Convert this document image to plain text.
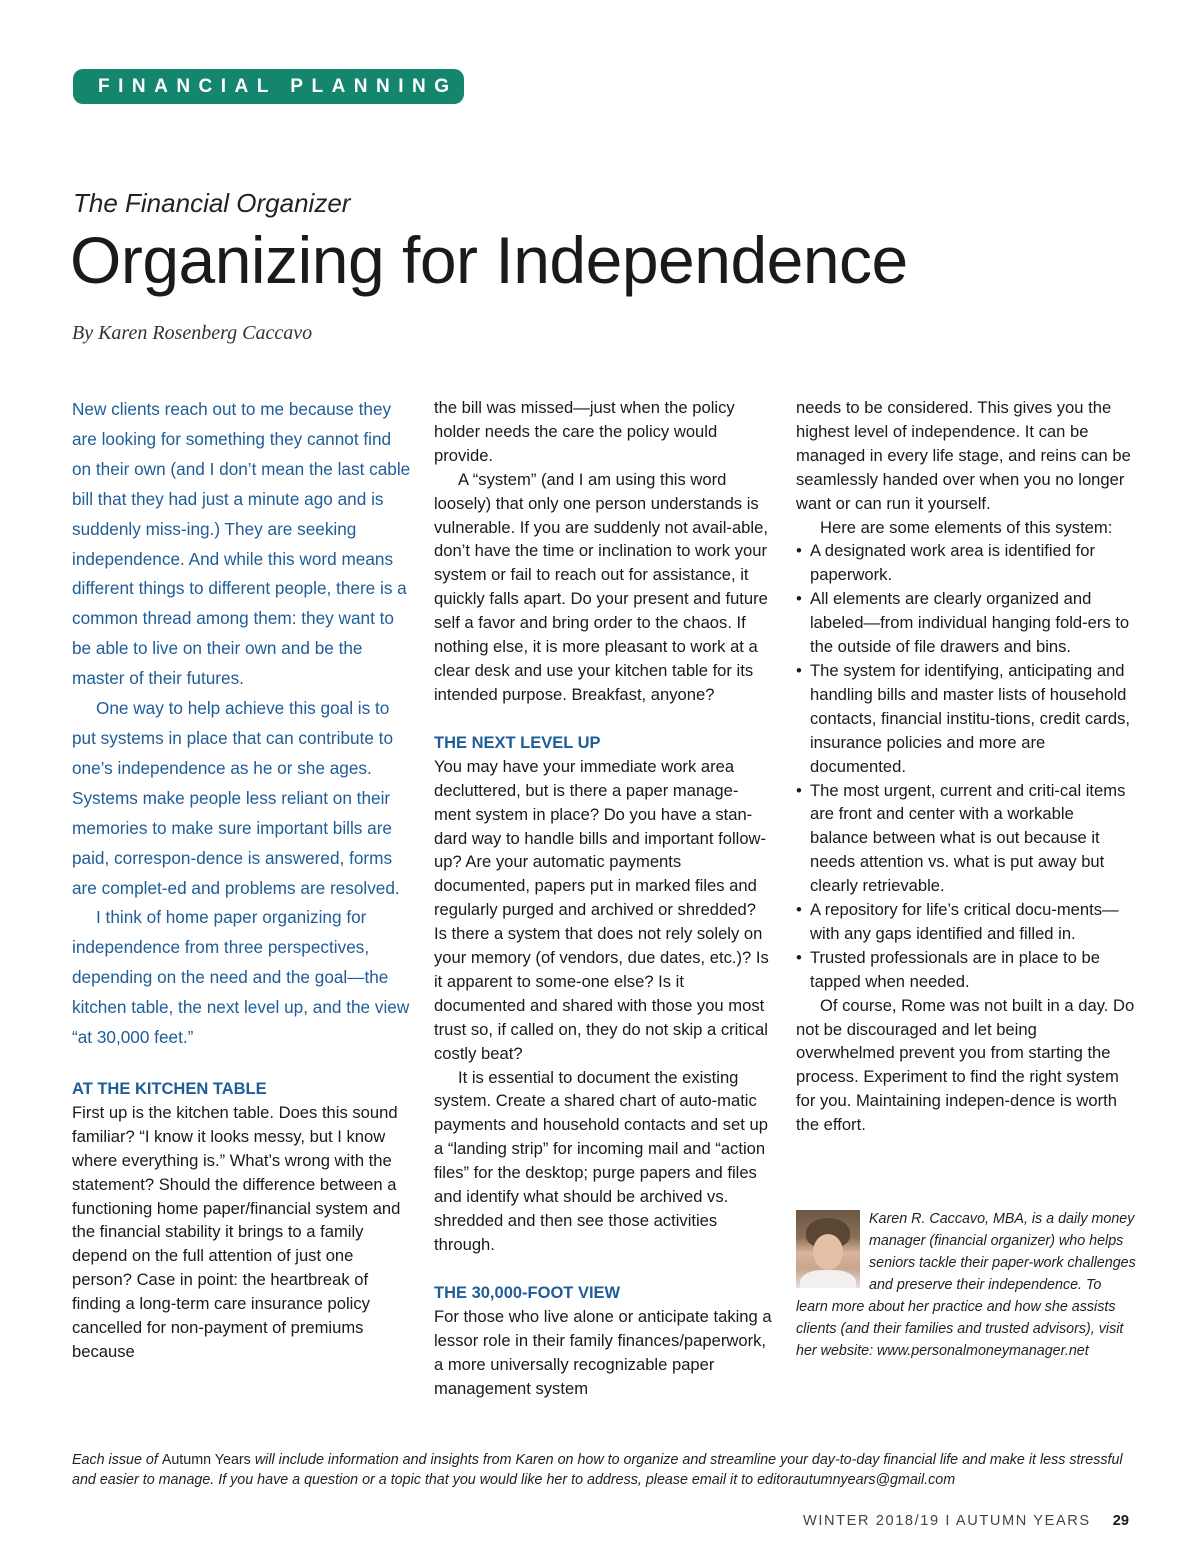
FINANCIAL PLANNING
The Financial Organizer
Organizing for Independence
By Karen Rosenberg Caccavo

New clients reach out to me because they are looking for something they cannot find on their own (and I don’t mean the last cable bill that they had just a minute ago and is suddenly miss-ing.) They are seeking independence. And while this word means different things to different people, there is a common thread among them: they want to be able to live on their own and be the master of their futures.

One way to help achieve this goal is to put systems in place that can contribute to one’s independence as he or she ages. Systems make people less reliant on their memories to make sure important bills are paid, correspon-dence is answered, forms are complet-ed and problems are resolved.

I think of home paper organizing for independence from three perspectives, depending on the need and the goal—the kitchen table, the next level up, and the view “at 30,000 feet.”

AT THE KITCHEN TABLE

First up is the kitchen table. Does this sound familiar? “I know it looks messy, but I know where everything is.” What’s wrong with the statement? Should the difference between a functioning home paper/financial system and the financial stability it brings to a family depend on the full attention of just one person? Case in point: the heartbreak of finding a long-term care insurance policy cancelled for non-payment of premiums because

the bill was missed—just when the policy holder needs the care the policy would provide.

A “system” (and I am using this word loosely) that only one person understands is vulnerable. If you are suddenly not avail-able, don’t have the time or inclination to work your system or fail to reach out for assistance, it quickly falls apart. Do your present and future self a favor and bring order to the chaos. If nothing else, it is more pleasant to work at a clear desk and use your kitchen table for its intended purpose. Breakfast, anyone?

THE NEXT LEVEL UP

You may have your immediate work area decluttered, but is there a paper manage-ment system in place? Do you have a stan-dard way to handle bills and important follow-up? Are your automatic payments documented, papers put in marked files and regularly purged and archived or shredded? Is there a system that does not rely solely on your memory (of vendors, due dates, etc.)? Is it apparent to some-one else? Is it documented and shared with those you most trust so, if called on, they do not skip a critical costly beat?

It is essential to document the existing system. Create a shared chart of auto-matic payments and household contacts and set up a “landing strip” for incoming mail and “action files” for the desktop; purge papers and files and identify what should be archived vs. shredded and then see those activities through.

THE 30,000-FOOT VIEW

For those who live alone or anticipate taking a lessor role in their family finances/paperwork, a more universally recognizable paper management system

needs to be considered. This gives you the highest level of independence. It can be managed in every life stage, and reins can be seamlessly handed over when you no longer want or can run it yourself.

Here are some elements of this system:

• A designated work area is identified for paperwork.
• All elements are clearly organized and labeled—from individual hanging fold-ers to the outside of file drawers and bins.
• The system for identifying, anticipating and handling bills and master lists of household contacts, financial institu-tions, credit cards, insurance policies and more are documented.
• The most urgent, current and criti-cal items are front and center with a workable balance between what is out because it needs attention vs. what is put away but clearly retrievable.
• A repository for life’s critical docu-ments—with any gaps identified and filled in.
• Trusted professionals are in place to be tapped when needed.

Of course, Rome was not built in a day. Do not be discouraged and let being overwhelmed prevent you from starting the process. Experiment to find the right system for you. Maintaining indepen-dence is worth the effort.

Karen R. Caccavo, MBA, is a daily money manager (financial organizer) who helps seniors tackle their paper-work challenges and preserve their independence. To learn more about her practice and how she assists clients (and their families and trusted advisors), visit her website: www.personalmoneymanager.net
Each issue of Autumn Years will include information and insights from Karen on how to organize and streamline your day-to-day financial life and make it less stressful and easier to manage. If you have a question or a topic that you would like her to address, please email it to editorautumnyears@gmail.com
WINTER 2018/19 I AUTUMN YEARS 29
